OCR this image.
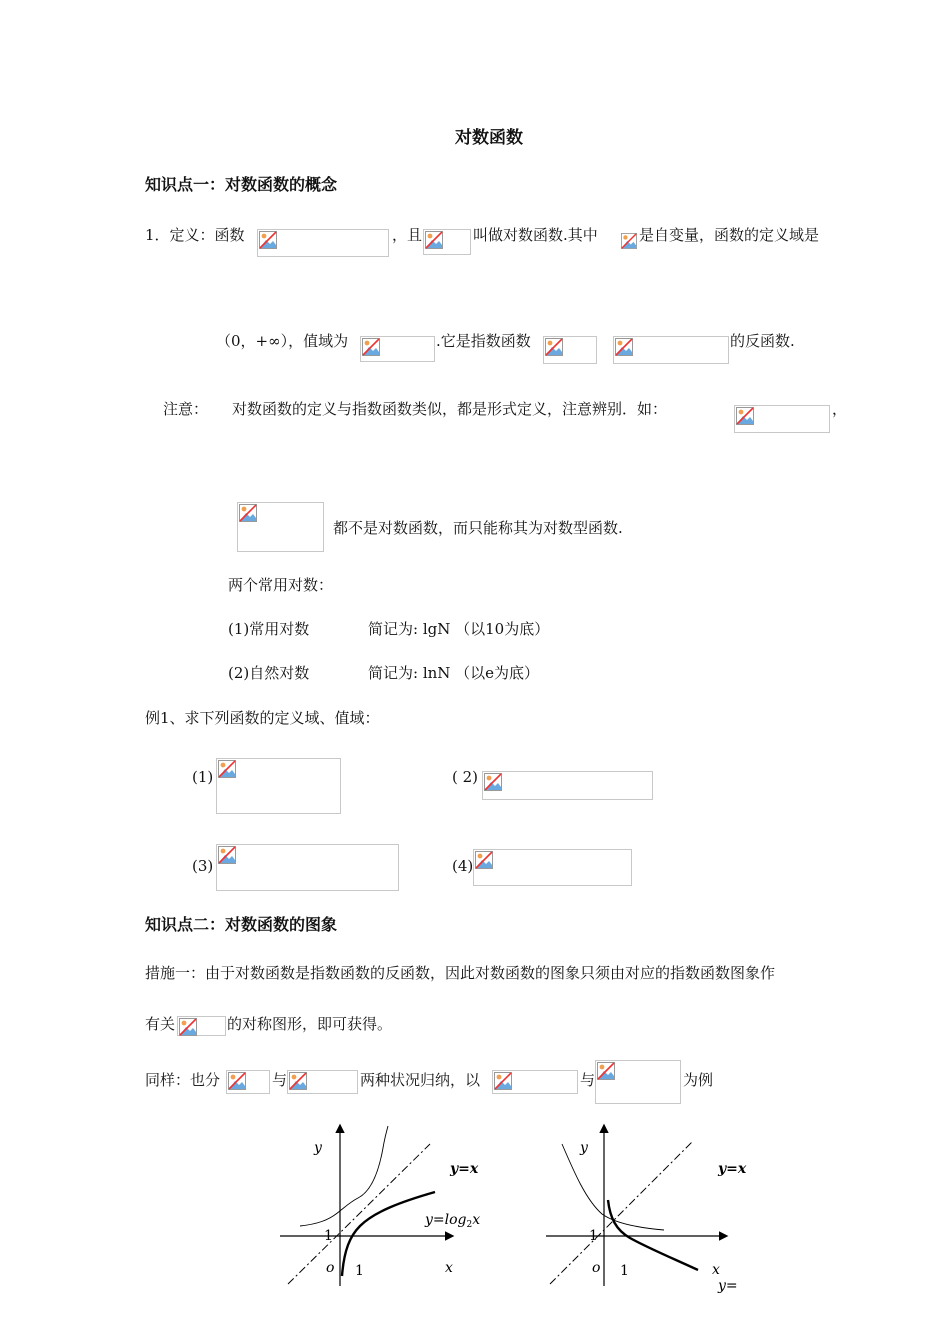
对数函数
知识点一：对数函数的概念
1．定义：函数	，且	叫做对数函数.其中	是自变量，函数的定义域是
（0，+∞），值域为	.它是指数函数	的反函数.
注意： 对数函数的定义与指数函数类似，都是形式定义，注意辨别．如：	，
都不是对数函数，而只能称其为对数型函数.
两个常用对数：
(1)常用对数	简记为: lgN （以10为底）
(2)自然对数	简记为: lnN （以e为底）
例1、求下列函数的定义域、值域：
(1)	( 2)
(3)	(4)
知识点二：对数函数的图象
措施一：由于对数函数是指数函数的反函数，因此对数函数的图象只须由对应的指数函数图象作
有关	的对称图形，即可获得。
同样：也分	与	两种状况归纳，以	与	为例
y
x
o 1
1
y=x
$y=\log_2x$
y
x
o 1
1
y=x
y=
